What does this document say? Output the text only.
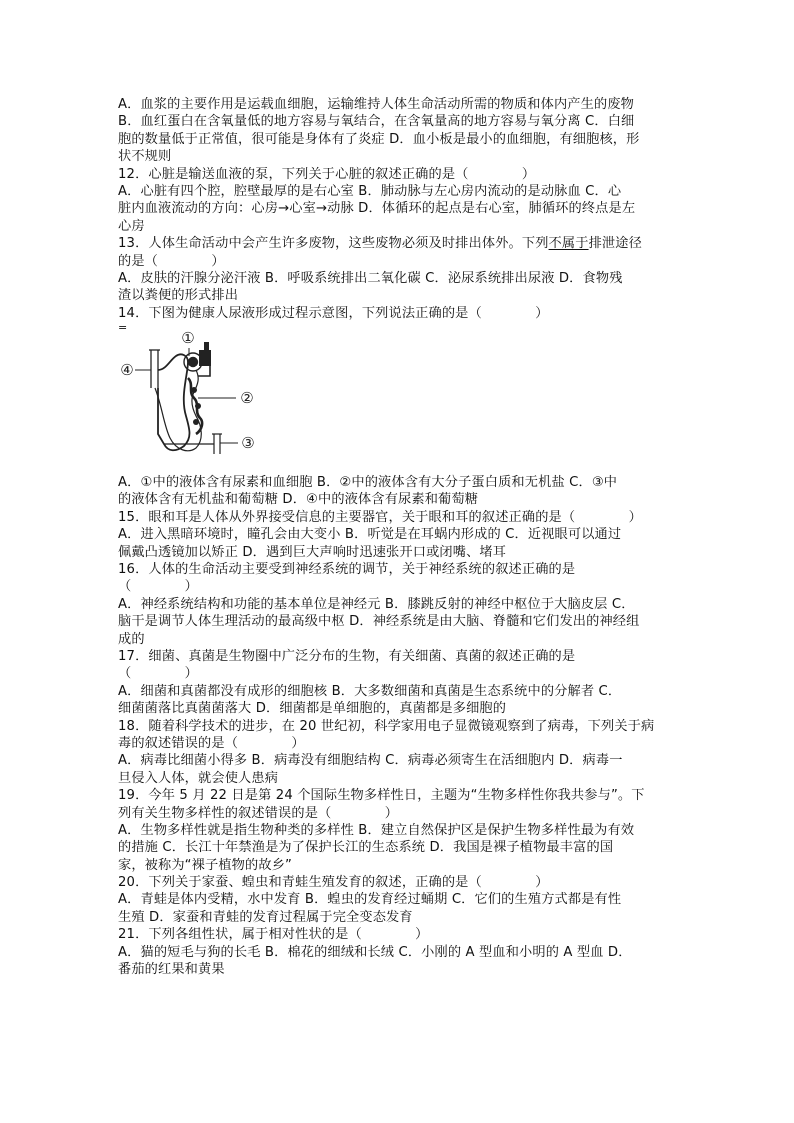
A．血浆的主要作用是运载血细胞，运输维持人体生命活动所需的物质和体内产生的废物
B．血红蛋白在含氧量低的地方容易与氧结合，在含氧量高的地方容易与氧分离 C．白细
胞的数量低于正常值，很可能是身体有了炎症 D．血小板是最小的血细胞，有细胞核，形
状不规则
12．心脏是输送血液的泵，下列关于心脏的叙述正确的是（　　　　）
A．心脏有四个腔，腔壁最厚的是右心室 B．肺动脉与左心房内流动的是动脉血 C．心
脏内血液流动的方向：心房→心室→动脉 D．体循环的起点是右心室，肺循环的终点是左
心房
13．人体生命活动中会产生许多废物，这些废物必须及时排出体外。下列不属于排泄途径
的是（　　　　）
A．皮肤的汗腺分泌汗液 B．呼吸系统排出二氧化碳 C．泌尿系统排出尿液 D．食物残
渣以粪便的形式排出
14．下图为健康人尿液形成过程示意图，下列说法正确的是（　　　　）
=
①
②
③
④
A．①中的液体含有尿素和血细胞 B．②中的液体含有大分子蛋白质和无机盐 C．③中
的液体含有无机盐和葡萄糖 D．④中的液体含有尿素和葡萄糖
15．眼和耳是人体从外界接受信息的主要器官，关于眼和耳的叙述正确的是（　　　　）
A．进入黑暗环境时，瞳孔会由大变小 B．听觉是在耳蜗内形成的 C．近视眼可以通过
佩戴凸透镜加以矫正 D．遇到巨大声响时迅速张开口或闭嘴、堵耳
16．人体的生命活动主要受到神经系统的调节，关于神经系统的叙述正确的是
（　　　　）
A．神经系统结构和功能的基本单位是神经元 B．膝跳反射的神经中枢位于大脑皮层 C．
脑干是调节人体生理活动的最高级中枢 D．神经系统是由大脑、脊髓和它们发出的神经组
成的
17．细菌、真菌是生物圈中广泛分布的生物，有关细菌、真菌的叙述正确的是
（　　　　）
A．细菌和真菌都没有成形的细胞核 B．大多数细菌和真菌是生态系统中的分解者 C．
细菌菌落比真菌菌落大 D．细菌都是单细胞的，真菌都是多细胞的
18．随着科学技术的进步，在 20 世纪初，科学家用电子显微镜观察到了病毒，下列关于病
毒的叙述错误的是（　　　　）
A．病毒比细菌小得多 B．病毒没有细胞结构 C．病毒必须寄生在活细胞内 D．病毒一
旦侵入人体，就会使人患病
19．今年 5 月 22 日是第 24 个国际生物多样性日，主题为“生物多样性你我共参与”。下
列有关生物多样性的叙述错误的是（　　　　）
A．生物多样性就是指生物种类的多样性 B．建立自然保护区是保护生物多样性最为有效
的措施 C．长江十年禁渔是为了保护长江的生态系统 D．我国是裸子植物最丰富的国
家，被称为“裸子植物的故乡”
20．下列关于家蚕、蝗虫和青蛙生殖发育的叙述，正确的是（　　　　）
A．青蛙是体内受精，水中发育 B．蝗虫的发育经过蛹期 C．它们的生殖方式都是有性
生殖 D．家蚕和青蛙的发育过程属于完全变态发育
21．下列各组性状，属于相对性状的是（　　　　）
A．猫的短毛与狗的长毛 B．棉花的细绒和长绒 C．小刚的 A 型血和小明的 A 型血 D．
番茄的红果和黄果
